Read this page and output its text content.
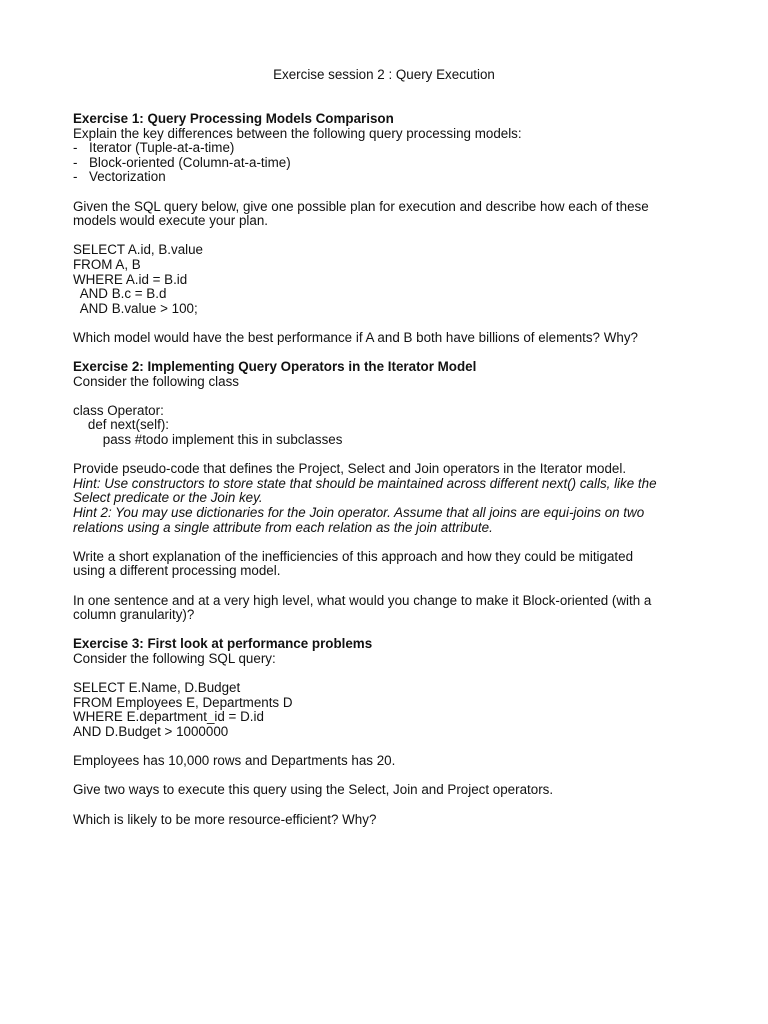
Exercise session 2 : Query Execution
Exercise 1: Query Processing Models Comparison
Explain the key differences between the following query processing models:
- Iterator (Tuple-at-a-time)
- Block-oriented (Column-at-a-time)
- Vectorization
Given the SQL query below, give one possible plan for execution and describe how each of these
models would execute your plan.
SELECT A.id, B.value
FROM A, B
WHERE A.id = B.id
AND B.c = B.d
AND B.value > 100;
Which model would have the best performance if A and B both have billions of elements? Why?
Exercise 2: Implementing Query Operators in the Iterator Model
Consider the following class
class Operator:
def next(self):
pass #todo implement this in subclasses
Provide pseudo-code that defines the Project, Select and Join operators in the Iterator model.
Hint: Use constructors to store state that should be maintained across different next() calls, like the
Select predicate or the Join key.
Hint 2: You may use dictionaries for the Join operator. Assume that all joins are equi-joins on two
relations using a single attribute from each relation as the join attribute.
Write a short explanation of the inefficiencies of this approach and how they could be mitigated
using a different processing model.
In one sentence and at a very high level, what would you change to make it Block-oriented (with a
column granularity)?
Exercise 3: First look at performance problems
Consider the following SQL query:
SELECT E.Name, D.Budget
FROM Employees E, Departments D
WHERE E.department_id = D.id
AND D.Budget > 1000000
Employees has 10,000 rows and Departments has 20.
Give two ways to execute this query using the Select, Join and Project operators.
Which is likely to be more resource-efficient? Why?
